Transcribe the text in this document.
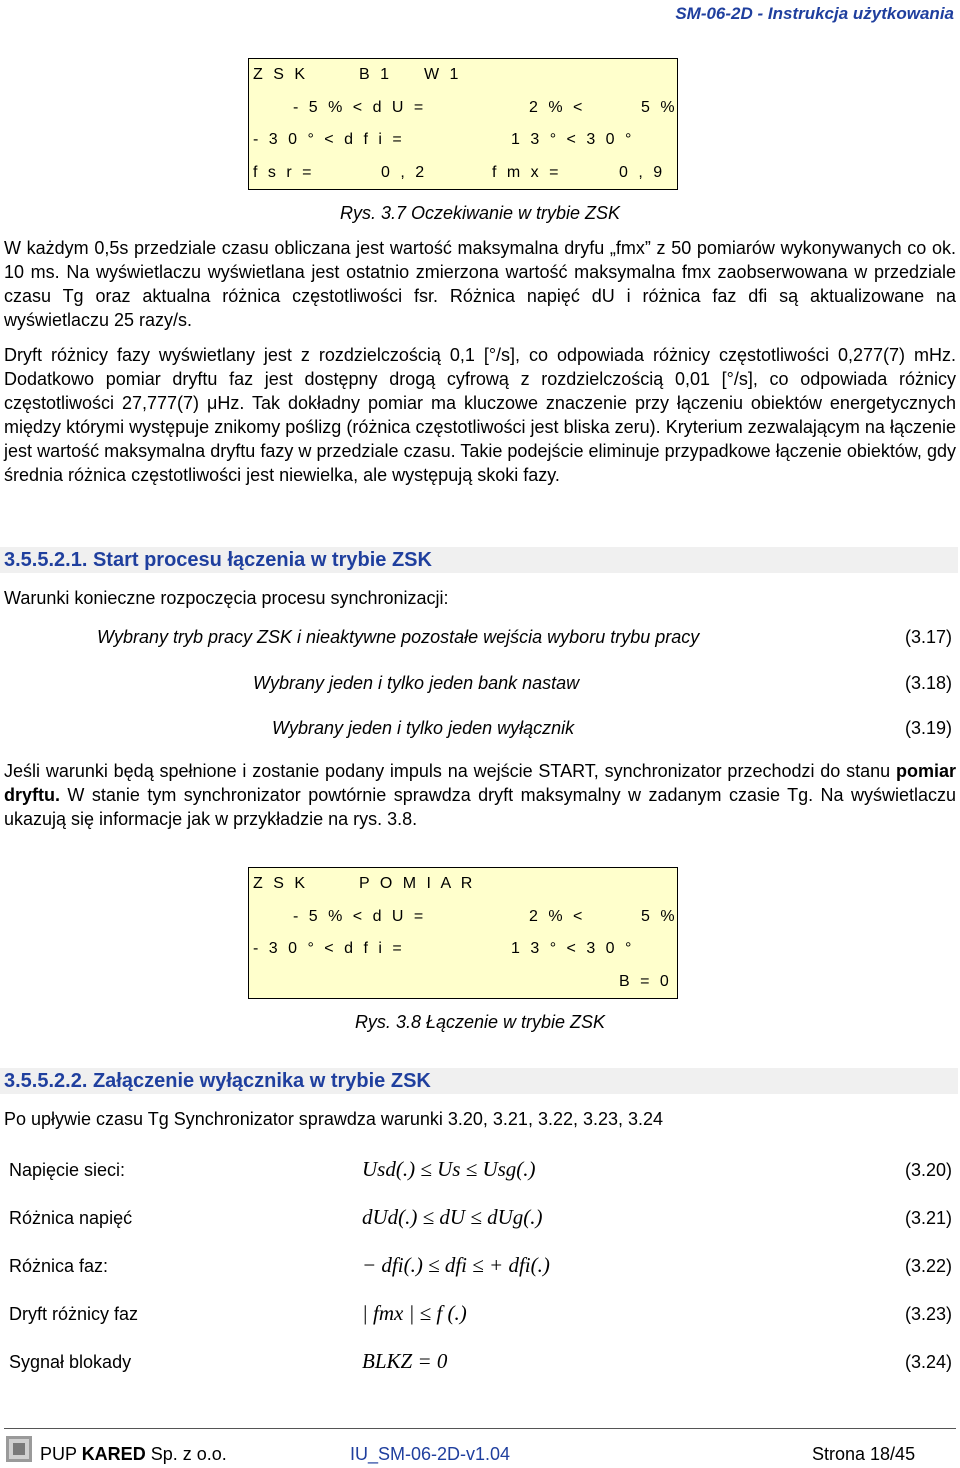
SM-06-2D - Instrukcja użytkowania
Z S K	B 1 W 1
- 5 % < d U =	2 % <	5 %
- 3 0 ° < d f i =	1 3 ° < 3 0 °
f s r =	0 , 2	f m x =	0 , 9
Rys. 3.7 Oczekiwanie w trybie ZSK

W każdym 0,5s przedziale czasu obliczana jest wartość maksymalna dryfu „fmx” z 50 pomiarów wykonywanych co ok. 10 ms. Na wyświetlaczu wyświetlana jest ostatnio zmierzona wartość maksymalna fmx zaobserwowana w przedziale czasu Tg oraz aktualna różnica częstotliwości fsr. Różnica napięć dU i różnica faz dfi są aktualizowane na wyświetlaczu 25 razy/s.

Dryft różnicy fazy wyświetlany jest z rozdzielczością 0,1 [°/s], co odpowiada różnicy częstotliwości 0,277(7) mHz. Dodatkowo pomiar dryftu faz jest dostępny drogą cyfrową z rozdzielczością 0,01 [°/s], co odpowiada różnicy częstotliwości 27,777(7) μHz. Tak dokładny pomiar ma kluczowe znaczenie przy łączeniu obiektów energetycznych między którymi występuje znikomy poślizg (różnica częstotliwości jest bliska zeru). Kryterium zezwalającym na łączenie jest wartość maksymalna dryftu fazy w przedziale czasu. Takie podejście eliminuje przypadkowe łączenie obiektów, gdy średnia różnica częstotliwości jest niewielka, ale występują skoki fazy.

3.5.5.2.1. Start procesu łączenia w trybie ZSK

Warunki konieczne rozpoczęcia procesu synchronizacji:

Wybrany tryb pracy ZSK i nieaktywne pozostałe wejścia wyboru trybu pracy	(3.17)
Wybrany jeden i tylko jeden bank nastaw	(3.18)
Wybrany jeden i tylko jeden wyłącznik	(3.19)

Jeśli warunki będą spełnione i zostanie podany impuls na wejście START, synchronizator przechodzi do stanu pomiar dryftu. W stanie tym synchronizator powtórnie sprawdza dryft maksymalny w zadanym czasie Tg. Na wyświetlaczu ukazują się informacje jak w przykładzie na rys. 3.8.

Z S K	P O M I A R
- 5 % < d U =	2 % <	5 %
- 3 0 ° < d f i =	1 3 ° < 3 0 °
B = 0
Rys. 3.8 Łączenie w trybie ZSK
3.5.5.2.2. Załączenie wyłącznika w trybie ZSK

Po upływie czasu Tg Synchronizator sprawdza warunki 3.20, 3.21, 3.22, 3.23, 3.24

Napięcie sieci:	Usd(.) ≤ Us ≤ Usg(.)	(3.20)
Różnica napięć	dUd(.) ≤ dU ≤ dUg(.)	(3.21)
Różnica faz:	− dfi(.) ≤ dfi ≤ + dfi(.)	(3.22)
Dryft różnicy faz	| fmx | ≤ f (.)	(3.23)
Sygnał blokady	BLKZ = 0	(3.24)
PUP KARED Sp. z o.o.	IU_SM-06-2D-v1.04	Strona 18/45
